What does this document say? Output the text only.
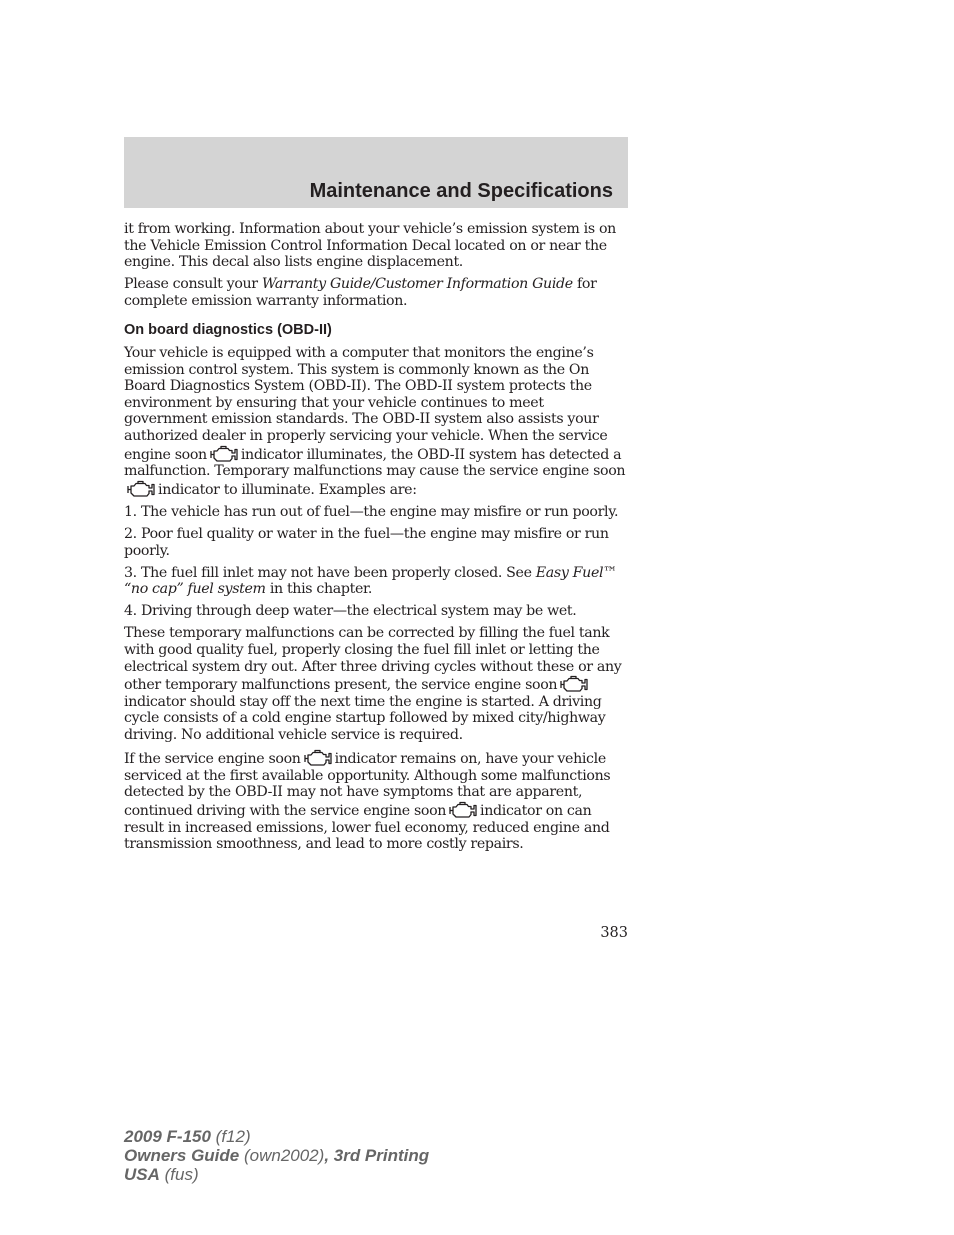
Maintenance and Specifications

it from working. Information about your vehicle’s emission system is on the Vehicle Emission Control Information Decal located on or near the engine. This decal also lists engine displacement.

Please consult your Warranty Guide/Customer Information Guide for complete emission warranty information.

On board diagnostics (OBD-II)

Your vehicle is equipped with a computer that monitors the engine’s emission control system. This system is commonly known as the On Board Diagnostics System (OBD-II). The OBD-II system protects the environment by ensuring that your vehicle continues to meet government emission standards. The OBD-II system also assists your authorized dealer in properly servicing your vehicle. When the service engine soon indicator illuminates, the OBD-II system has detected a malfunction. Temporary malfunctions may cause the service engine soon
indicator to illuminate. Examples are:

1. The vehicle has run out of fuel—the engine may misfire or run poorly.

2. Poor fuel quality or water in the fuel—the engine may misfire or run poorly.

3. The fuel fill inlet may not have been properly closed. See Easy Fuel™ “no cap” fuel system in this chapter.

4. Driving through deep water—the electrical system may be wet.

These temporary malfunctions can be corrected by filling the fuel tank with good quality fuel, properly closing the fuel fill inlet or letting the electrical system dry out. After three driving cycles without these or any other temporary malfunctions present, the service engine soon
indicator should stay off the next time the engine is started. A driving cycle consists of a cold engine startup followed by mixed city/highway driving. No additional vehicle service is required.

If the service engine soon indicator remains on, have your vehicle serviced at the first available opportunity. Although some malfunctions detected by the OBD-II may not have symptoms that are apparent, continued driving with the service engine soon indicator on can result in increased emissions, lower fuel economy, reduced engine and transmission smoothness, and lead to more costly repairs.

383
2009 F-150 (f12)
Owners Guide (own2002), 3rd Printing
USA (fus)
